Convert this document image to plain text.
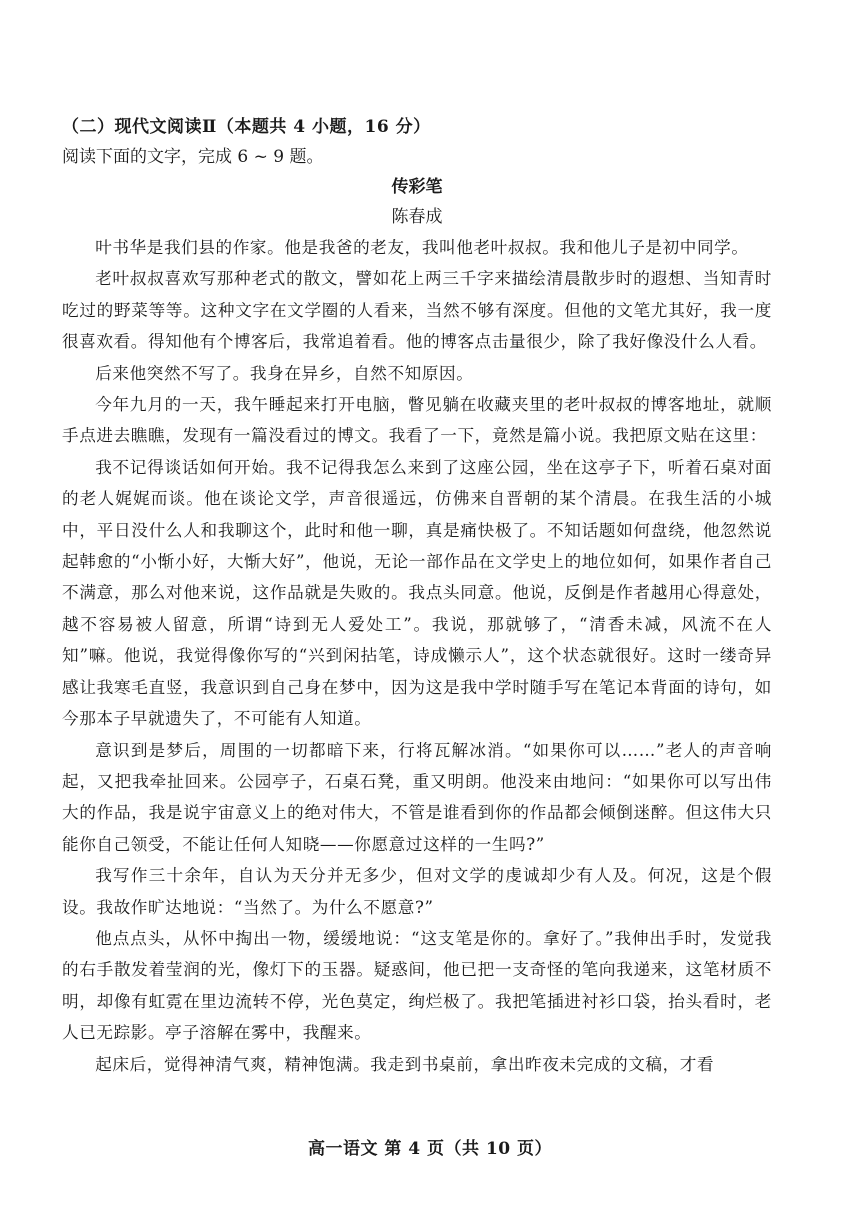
（二）现代文阅读Ⅱ（本题共 4 小题，16 分）

阅读下面的文字，完成 6 ~ 9 题。

传彩笔

陈春成

叶书华是我们县的作家。他是我爸的老友，我叫他老叶叔叔。我和他儿子是初中同学。

老叶叔叔喜欢写那种老式的散文，譬如花上两三千字来描绘清晨散步时的遐想、当知青时吃过的野菜等等。这种文字在文学圈的人看来，当然不够有深度。但他的文笔尤其好，我一度很喜欢看。得知他有个博客后，我常追着看。他的博客点击量很少，除了我好像没什么人看。

后来他突然不写了。我身在异乡，自然不知原因。

今年九月的一天，我午睡起来打开电脑，瞥见躺在收藏夹里的老叶叔叔的博客地址，就顺手点进去瞧瞧，发现有一篇没看过的博文。我看了一下，竟然是篇小说。我把原文贴在这里：

我不记得谈话如何开始。我不记得我怎么来到了这座公园，坐在这亭子下，听着石桌对面的老人娓娓而谈。他在谈论文学，声音很遥远，仿佛来自晋朝的某个清晨。在我生活的小城中，平日没什么人和我聊这个，此时和他一聊，真是痛快极了。不知话题如何盘绕，他忽然说起韩愈的“小惭小好，大惭大好”，他说，无论一部作品在文学史上的地位如何，如果作者自己不满意，那么对他来说，这作品就是失败的。我点头同意。他说，反倒是作者越用心得意处，越不容易被人留意，所谓“诗到无人爱处工”。我说，那就够了，“清香未减，风流不在人知”嘛。他说，我觉得像你写的“兴到闲拈笔，诗成懒示人”，这个状态就很好。这时一缕奇异感让我寒毛直竖，我意识到自己身在梦中，因为这是我中学时随手写在笔记本背面的诗句，如今那本子早就遗失了，不可能有人知道。

意识到是梦后，周围的一切都暗下来，行将瓦解冰消。“如果你可以……”老人的声音响起，又把我牵扯回来。公园亭子，石桌石凳，重又明朗。他没来由地问：“如果你可以写出伟大的作品，我是说宇宙意义上的绝对伟大，不管是谁看到你的作品都会倾倒迷醉。但这伟大只能你自己领受，不能让任何人知晓——你愿意过这样的一生吗?”

我写作三十余年，自认为天分并无多少，但对文学的虔诚却少有人及。何况，这是个假设。我故作旷达地说：“当然了。为什么不愿意?”

他点点头，从怀中掏出一物，缓缓地说：“这支笔是你的。拿好了。”我伸出手时，发觉我的右手散发着莹润的光，像灯下的玉器。疑惑间，他已把一支奇怪的笔向我递来，这笔材质不明，却像有虹霓在里边流转不停，光色莫定，绚烂极了。我把笔插进衬衫口袋，抬头看时，老人已无踪影。亭子溶解在雾中，我醒来。

起床后，觉得神清气爽，精神饱满。我走到书桌前，拿出昨夜未完成的文稿，才看

高一语文 第 4 页（共 10 页）
